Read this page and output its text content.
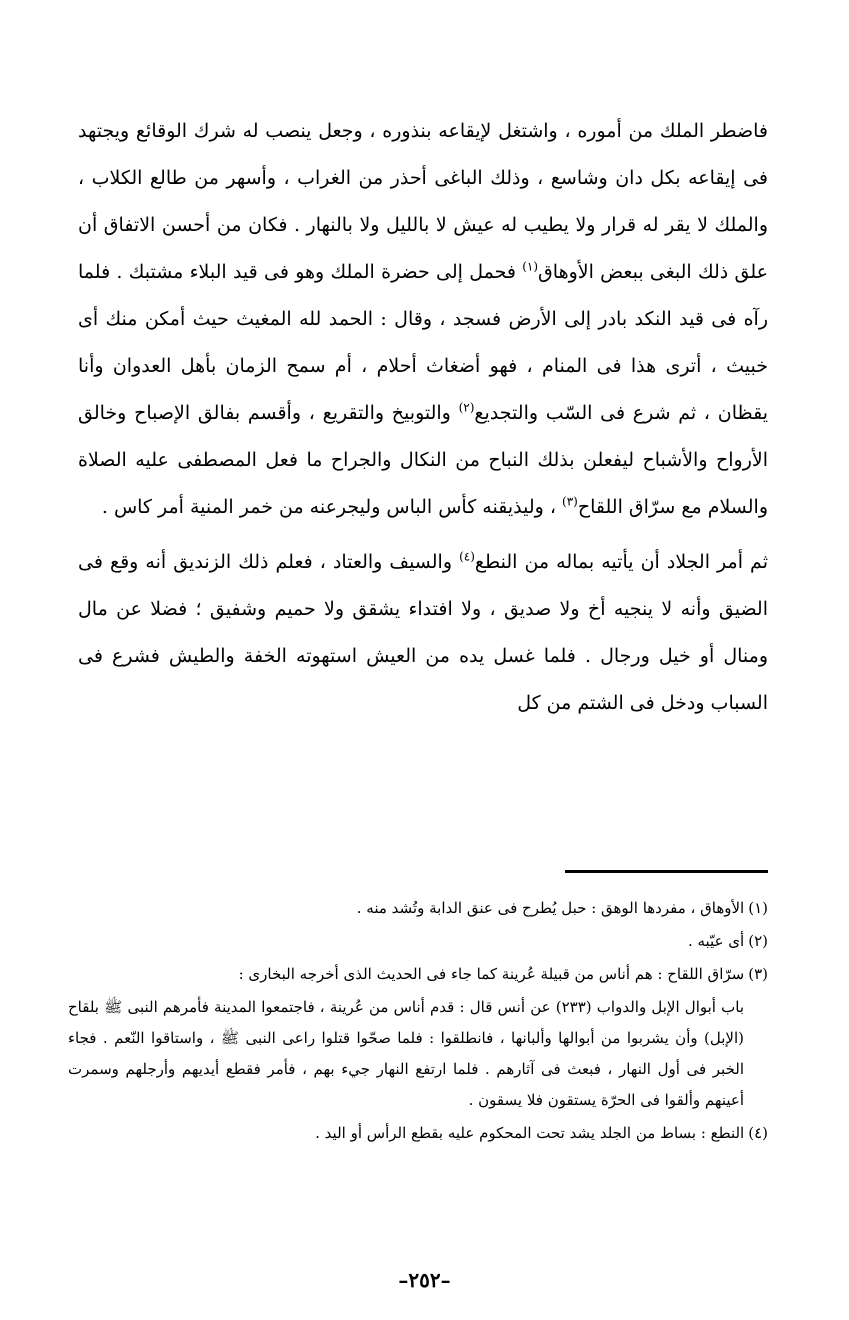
فاضطر الملك من أموره ، واشتغل لإيقاعه بنذوره ، وجعل ينصب له شرك الوقائع ويجتهد فى إيقاعه بكل دان وشاسع ، وذلك الباغى أحذر من الغراب ، وأسهر من طالع الكلاب ، والملك لا يقر له قرار ولا يطيب له عيش لا بالليل ولا بالنهار . فكان من أحسن الاتفاق أن علق ذلك البغى ببعض الأوهاق$^{(١)}$ فحمل إلى حضرة الملك وهو فى قيد البلاء مشتبك . فلما رآه فى قيد النكد بادر إلى الأرض فسجد ، وقال : الحمد لله المغيث حيث أمكن منك أى خبيث ، أترى هذا فى المنام ، فهو أضغاث أحلام ، أم سمح الزمان بأهل العدوان وأنا يقظان ، ثم شرع فى السّب والتجديع$^{(٢)}$ والتوبيخ والتقريع ، وأقسم بفالق الإصباح وخالق الأرواح والأشباح ليفعلن بذلك النباح من النكال والجراح ما فعل المصطفى عليه الصلاة والسلام مع سرّاق اللقاح$^{(٣)}$ ، وليذيقنه كأس الباس وليجرعنه من خمر المنية أمر كاس .

ثم أمر الجلاد أن يأتيه بماله من النطع$^{(٤)}$ والسيف والعتاد ، فعلم ذلك الزنديق أنه وقع فى الضيق وأنه لا ينجيه أخ ولا صديق ، ولا افتداء يشقق ولا حميم وشفيق ؛ فضلا عن مال ومنال أو خيل ورجال . فلما غسل يده من العيش استهوته الخفة والطيش فشرع فى السباب ودخل فى الشتم من كل

(١)الأوهاق ، مفردها الوهق : حبل يُطرح فى عنق الدابة وتُشد منه .

(٢)أى عيّبه .

(٣)سرّاق اللقاح : هم أناس من قبيلة عُرينة كما جاء فى الحديث الذى أخرجه البخارى :

باب أبوال الإبل والدواب (٢٣٣) عن أنس قال : قدم أناس من عُرينة ، فاجتمعوا المدينة فأمرهم النبى ﷺ بلقاح (الإبل) وأن يشربوا من أبوالها وألبانها ، فانطلقوا : فلما صحّوا قتلوا راعى النبى ﷺ ، واستاقوا النّعم . فجاء الخبر فى أول النهار ، فبعث فى آثارهم . فلما ارتفع النهار جيء بهم ، فأمر فقطع أيديهم وأرجلهم وسمرت أعينهم وألقوا فى الحرّة يستقون فلا يسقون .

(٤)النطع : بساط من الجلد يشد تحت المحكوم عليه بقطع الرأس أو اليد .

–٢٥٢–
